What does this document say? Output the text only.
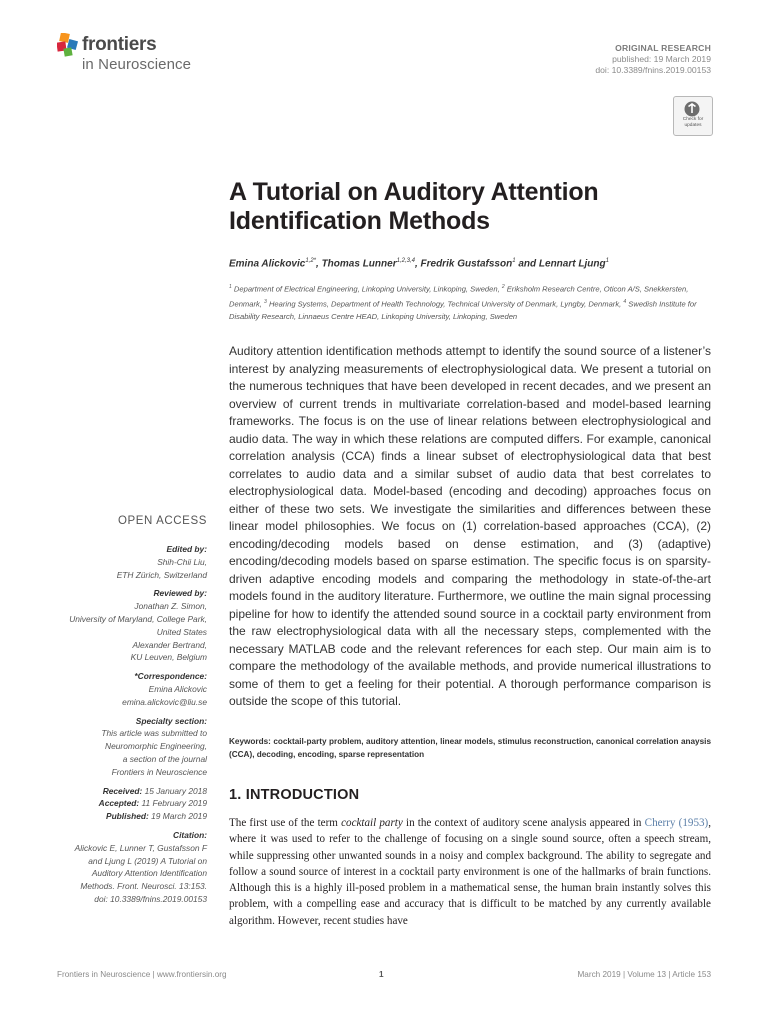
frontiers
in Neuroscience
ORIGINAL RESEARCH
published: 19 March 2019
doi: 10.3389/fnins.2019.00153
Check for
updates
A Tutorial on Auditory Attention
Identification Methods
Emina Alickovic$^{1,2*}$, Thomas Lunner$^{1,2,3,4}$, Fredrik Gustafsson$^1$ and Lennart Ljung$^1$
$^1$ Department of Electrical Engineering, Linkoping University, Linkoping, Sweden, $^2$ Eriksholm Research Centre, Oticon A/S, Snekkersten, Denmark, $^3$ Hearing Systems, Department of Health Technology, Technical University of Denmark, Lyngby, Denmark, $^4$ Swedish Institute for Disability Research, Linnaeus Centre HEAD, Linkoping University, Linkoping, Sweden
Auditory attention identification methods attempt to identify the sound source of a listener’s interest by analyzing measurements of electrophysiological data. We present a tutorial on the numerous techniques that have been developed in recent decades, and we present an overview of current trends in multivariate correlation-based and model-based learning frameworks. The focus is on the use of linear relations between electrophysiological and audio data. The way in which these relations are computed differs. For example, canonical correlation analysis (CCA) finds a linear subset of electrophysiological data that best correlates to audio data and a similar subset of audio data that best correlates to electrophysiological data. Model-based (encoding and decoding) approaches focus on either of these two sets. We investigate the similarities and differences between these linear model philosophies. We focus on (1) correlation-based approaches (CCA), (2) encoding/decoding models based on dense estimation, and (3) (adaptive) encoding/decoding models based on sparse estimation. The specific focus is on sparsity-driven adaptive encoding models and comparing the methodology in state-of-the-art models found in the auditory literature. Furthermore, we outline the main signal processing pipeline for how to identify the attended sound source in a cocktail party environment from the raw electrophysiological data with all the necessary steps, complemented with the necessary MATLAB code and the relevant references for each step. Our main aim is to compare the methodology of the available methods, and provide numerical illustrations to some of them to get a feeling for their potential. A thorough performance comparison is outside the scope of this tutorial.
Keywords: cocktail-party problem, auditory attention, linear models, stimulus reconstruction, canonical correlation anaysis (CCA), decoding, encoding, sparse representation
OPEN ACCESS
Edited by:
Shih-Chii Liu,
ETH Zürich, Switzerland
Reviewed by:
Jonathan Z. Simon,
University of Maryland, College Park,
United States
Alexander Bertrand,
KU Leuven, Belgium
*Correspondence:
Emina Alickovic
emina.alickovic@liu.se
Specialty section:
This article was submitted to
Neuromorphic Engineering,
a section of the journal
Frontiers in Neuroscience
Received: 15 January 2018
Accepted: 11 February 2019
Published: 19 March 2019
Citation:
Alickovic E, Lunner T, Gustafsson F
and Ljung L (2019) A Tutorial on
Auditory Attention Identification
Methods. Front. Neurosci. 13:153.
doi: 10.3389/fnins.2019.00153
1. INTRODUCTION
The first use of the term cocktail party in the context of auditory scene analysis appeared in Cherry (1953), where it was used to refer to the challenge of focusing on a single sound source, often a speech stream, while suppressing other unwanted sounds in a noisy and complex background. The ability to segregate and follow a sound source of interest in a cocktail party environment is one of the hallmarks of brain functions. Although this is a highly ill-posed problem in a mathematical sense, the human brain instantly solves this problem, with a compelling ease and accuracy that is difficult to be matched by any currently available algorithm. However, recent studies have
Frontiers in Neuroscience | www.frontiersin.org	1	March 2019 | Volume 13 | Article 153
